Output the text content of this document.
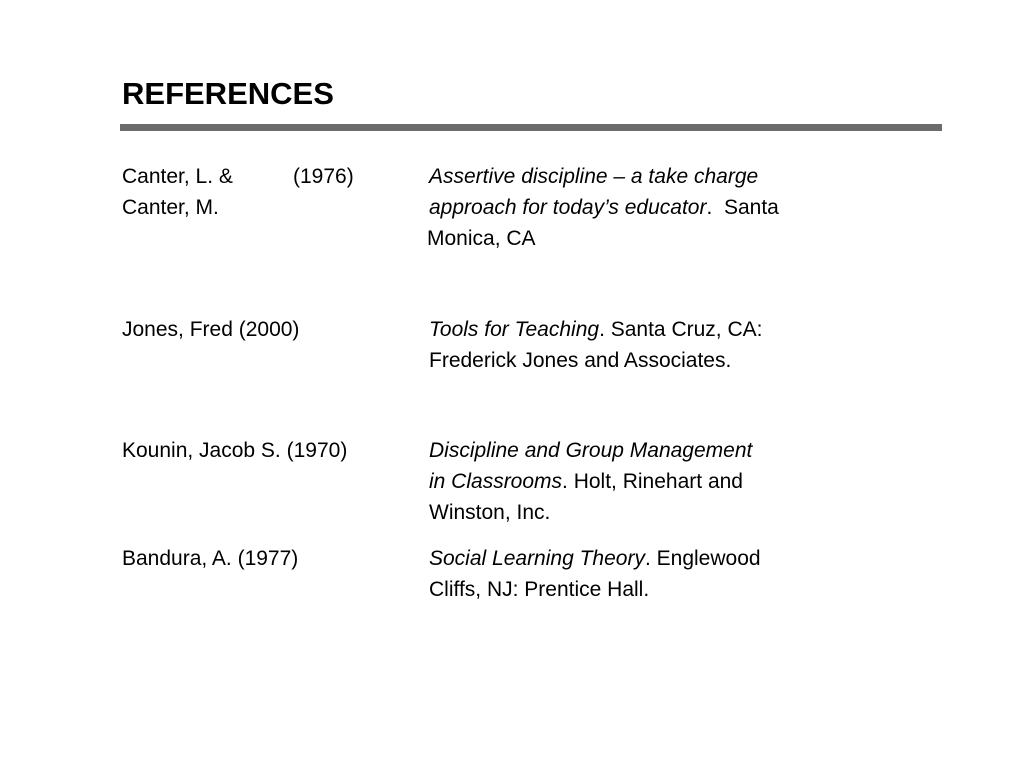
REFERENCES
Canter, L. &
Canter, M.
(1976)	Assertive discipline – a take charge
approach for today’s educator.  Santa
Monica, CA
Jones, Fred (2000)	Tools for Teaching. Santa Cruz, CA:
Frederick Jones and Associates.
Kounin, Jacob S. (1970)	Discipline and Group Management
in Classrooms. Holt, Rinehart and
Winston, Inc.
Bandura, A. (1977)	Social Learning Theory. Englewood
Cliffs, NJ: Prentice Hall.
